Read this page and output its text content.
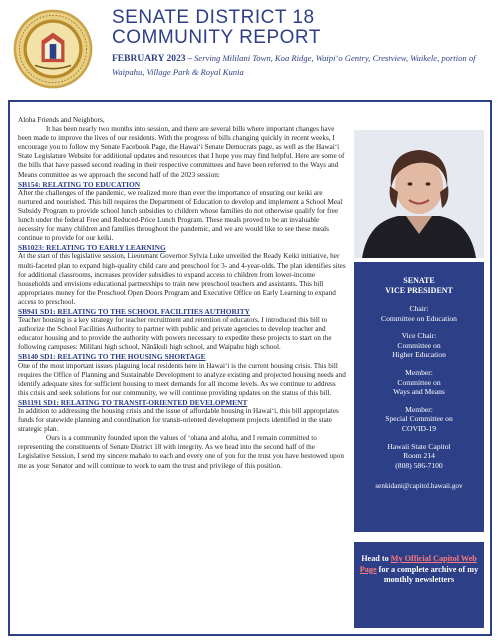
SENATE DISTRICT 18
COMMUNITY REPORT
FEBRUARY 2023 – Serving Mililani Town, Koa Ridge, Waipi‘o Gentry, Crestview, Waikele, portion of Waipahu, Village Park & Royal Kunia

Aloha Friends and Neighbors,

It has been nearly two months into session, and there are several bills where important changes have been made to improve the lives of our residents. With the progress of bills changing quickly in recent weeks, I encourage you to follow my Senate Facebook Page, the Hawai‘i Senate Democrats page, as well as the Hawai‘i State Legislature Website for additional updates and resources that I hope you may find helpful. Here are some of the bills that have passed second reading in their respective committees and have been referred to the Ways and Means committee as we approach the second half of the 2023 session:

SB154: RELATING TO EDUCATION

After the challenges of the pandemic, we realized more than ever the importance of ensuring our keiki are nurtured and nourished. This bill requires the Department of Education to develop and implement a School Meal Subsidy Program to provide school lunch subsidies to children whose families do not otherwise qualify for free lunch under the federal Free and Reduced-Price Lunch Program. These meals proved to be an invaluable necessity for many children and families throughout the pandemic, and we are would like to see these meals continue to provide for our keiki.

SB1023: RELATING TO EARLY LEARNING

At the start of this legislative session, Lieutenant Governor Sylvia Luke unveiled the Ready Keiki initiative, her multi-faceted plan to expand high-quality child care and preschool for 3- and 4-year-olds. The plan identifies sites for additional classrooms, increases provider subsidies to expand access to children from lower-income households and envisions educational partnerships to train new preschool teachers and assistants. This bill appropriates money for the Preschool Open Doors Program and Executive Office on Early Learning to expand access to preschool.

SB941 SD1: RELATING TO THE SCHOOL FACILITIES AUTHORITY

Teacher housing is a key strategy for teacher recruitment and retention of educators. I introduced this bill to authorize the School Facilities Authority to partner with public and private agencies to develop teacher and educator housing and to provide the authority with powers necessary to expedite these projects to start on the following campuses: Mililani high school, Nānākuli high school, and Waipahu high school.

SB140 SD1: RELATING TO THE HOUSING SHORTAGE

One of the most important issues plaguing local residents here in Hawai‘i is the current housing crisis. This bill requires the Office of Planning and Sustainable Development to analyze existing and projected housing needs and identify adequate sites for sufficient housing to meet demands for all income levels. As we continue to address this crisis and seek solutions for our community, we will continue providing updates on the status of this bill.

SB1191 SD1: RELATING TO TRANSIT-ORIENTED DEVELOPMENT

In addition to addressing the housing crisis and the issue of affordable housing in Hawai‘i, this bill appropriates funds for statewide planning and coordination for transit-oriented development projects identified in the state strategic plan.

Ours is a community founded upon the values of ‘ohana and aloha, and I remain committed to representing the constituents of Senate District 18 with integrity. As we head into the second half of the Legislative Session, I send my sincere mahalo to each and every one of you for the trust you have bestowed upon me as your Senator and will continue to work to earn the trust and privilege of this position.

SENATE
VICE PRESIDENT
Chair:
Committee on Education
Vice Chair:
Committee on
Higher Education
Member:
Committee on
Ways and Means
Member:
Special Committee on
COVID-19
Hawaii State Capitol
Room 214
(808) 586-7100
senkidani@capitol.hawaii.gov
Head to My Official Capitol Web Page for a complete archive of my monthly newsletters
